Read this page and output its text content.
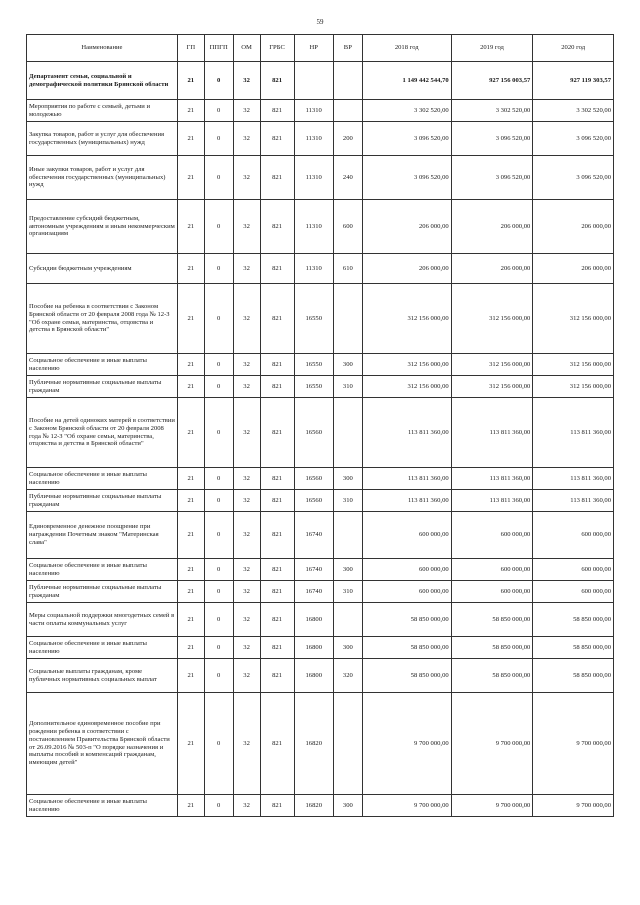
59
Наименование	ГП	ППГП	ОМ	ГРБС	НР	ВР	2018 год	2019 год	2020 год
Департамент семьи, социальной и демографической политики Брянской области	21	0	32	821			1 149 442 544,70	927 156 003,57	927 119 303,57
Мероприятия по работе с семьей, детьми и молодежью	21	0	32	821	11310		3 302 520,00	3 302 520,00	3 302 520,00
Закупка товаров, работ и услуг для обеспечения государственных (муниципальных) нужд	21	0	32	821	11310	200	3 096 520,00	3 096 520,00	3 096 520,00
Иные закупки товаров, работ и услуг для обеспечения государственных (муниципальных) нужд	21	0	32	821	11310	240	3 096 520,00	3 096 520,00	3 096 520,00
Предоставление субсидий бюджетным, автономным учреждениям и иным некоммерческим организациям	21	0	32	821	11310	600	206 000,00	206 000,00	206 000,00
Субсидии бюджетным учреждениям	21	0	32	821	11310	610	206 000,00	206 000,00	206 000,00
Пособие на ребенка в соответствии с Законом Брянской области от 20 февраля 2008 года № 12-З "Об охране семьи, материнства, отцовства и детства в Брянской области"	21	0	32	821	16550		312 156 000,00	312 156 000,00	312 156 000,00
Социальное обеспечение и иные выплаты населению	21	0	32	821	16550	300	312 156 000,00	312 156 000,00	312 156 000,00
Публичные нормативные социальные выплаты гражданам	21	0	32	821	16550	310	312 156 000,00	312 156 000,00	312 156 000,00
Пособие на детей одиноких матерей в соответствии с Законом Брянской области от 20 февраля 2008 года № 12-З "Об охране семьи, материнства, отцовства и детства в Брянской области"	21	0	32	821	16560		113 811 360,00	113 811 360,00	113 811 360,00
Социальное обеспечение и иные выплаты населению	21	0	32	821	16560	300	113 811 360,00	113 811 360,00	113 811 360,00
Публичные нормативные социальные выплаты гражданам	21	0	32	821	16560	310	113 811 360,00	113 811 360,00	113 811 360,00
Единовременное денежное поощрение при награждении Почетным знаком "Материнская слава"	21	0	32	821	16740		600 000,00	600 000,00	600 000,00
Социальное обеспечение и иные выплаты населению	21	0	32	821	16740	300	600 000,00	600 000,00	600 000,00
Публичные нормативные социальные выплаты гражданам	21	0	32	821	16740	310	600 000,00	600 000,00	600 000,00
Меры социальной поддержки многодетных семей в части оплаты коммунальных услуг	21	0	32	821	16800		58 850 000,00	58 850 000,00	58 850 000,00
Социальное обеспечение и иные выплаты населению	21	0	32	821	16800	300	58 850 000,00	58 850 000,00	58 850 000,00
Социальные выплаты гражданам, кроме публичных нормативных социальных выплат	21	0	32	821	16800	320	58 850 000,00	58 850 000,00	58 850 000,00
Дополнительное единовременное пособие при рождении ребенка в соответствии с постановлением Правительства Брянской области от 26.09.2016 № 503-п "О порядке назначения и выплаты пособий и компенсаций гражданам, имеющим детей"	21	0	32	821	16820		9 700 000,00	9 700 000,00	9 700 000,00
Социальное обеспечение и иные выплаты населению	21	0	32	821	16820	300	9 700 000,00	9 700 000,00	9 700 000,00
